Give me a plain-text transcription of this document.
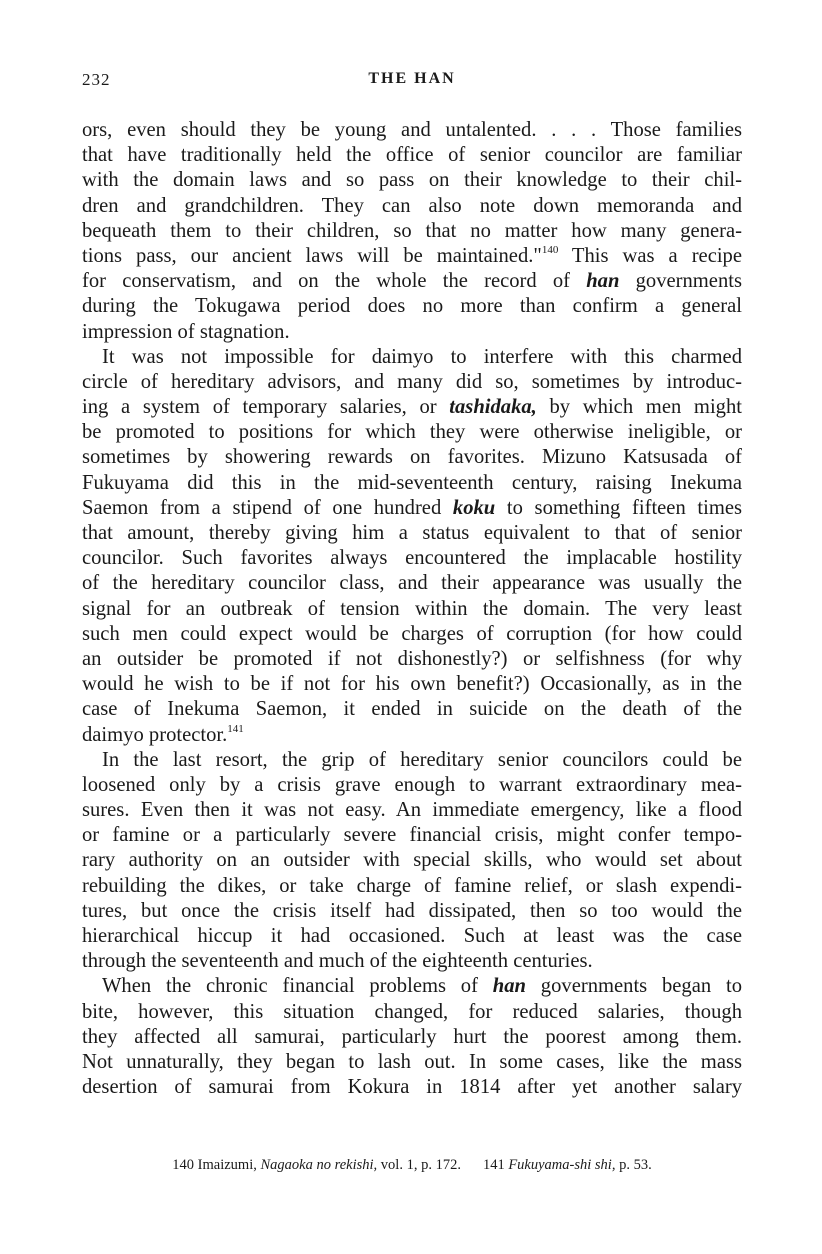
232	THE HAN
ors, even should they be young and untalented. . . . Those families
that have traditionally held the office of senior councilor are familiar
with the domain laws and so pass on their knowledge to their chil-
dren and grandchildren. They can also note down memoranda and
bequeath them to their children, so that no matter how many genera-
tions pass, our ancient laws will be maintained."$^{140}$ This was a recipe
for conservatism, and on the whole the record of han governments
during the Tokugawa period does no more than confirm a general
impression of stagnation.
It was not impossible for daimyo to interfere with this charmed
circle of hereditary advisors, and many did so, sometimes by introduc-
ing a system of temporary salaries, or tashidaka, by which men might
be promoted to positions for which they were otherwise ineligible, or
sometimes by showering rewards on favorites. Mizuno Katsusada of
Fukuyama did this in the mid-seventeenth century, raising Inekuma
Saemon from a stipend of one hundred koku to something fifteen times
that amount, thereby giving him a status equivalent to that of senior
councilor. Such favorites always encountered the implacable hostility
of the hereditary councilor class, and their appearance was usually the
signal for an outbreak of tension within the domain. The very least
such men could expect would be charges of corruption (for how could
an outsider be promoted if not dishonestly?) or selfishness (for why
would he wish to be if not for his own benefit?) Occasionally, as in the
case of Inekuma Saemon, it ended in suicide on the death of the
daimyo protector.$^{141}$
In the last resort, the grip of hereditary senior councilors could be
loosened only by a crisis grave enough to warrant extraordinary mea-
sures. Even then it was not easy. An immediate emergency, like a flood
or famine or a particularly severe financial crisis, might confer tempo-
rary authority on an outsider with special skills, who would set about
rebuilding the dikes, or take charge of famine relief, or slash expendi-
tures, but once the crisis itself had dissipated, then so too would the
hierarchical hiccup it had occasioned. Such at least was the case
through the seventeenth and much of the eighteenth centuries.
When the chronic financial problems of han governments began to
bite, however, this situation changed, for reduced salaries, though
they affected all samurai, particularly hurt the poorest among them.
Not unnaturally, they began to lash out. In some cases, like the mass
desertion of samurai from Kokura in 1814 after yet another salary
140 Imaizumi, Nagaoka no rekishi, vol. 1, p. 172. 141 Fukuyama-shi shi, p. 53.
